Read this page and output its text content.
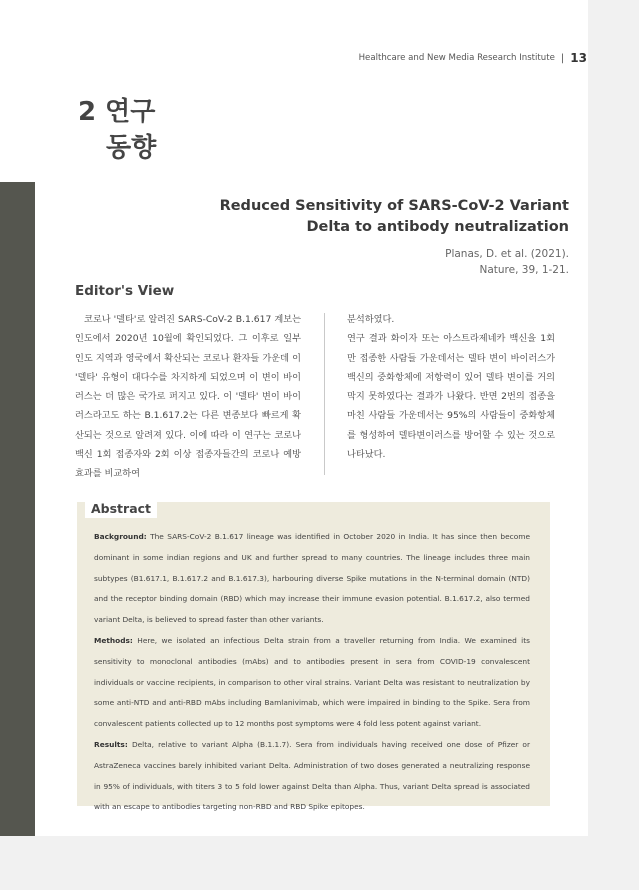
Healthcare and New Media Research Institute | 13
2 연구
동향
Reduced Sensitivity of SARS-CoV-2 Variant Delta to antibody neutralization
Planas, D. et al. (2021).
Nature, 39, 1-21.
Editor's View

코로나 '델타'로 알려진 SARS-CoV-2 B.1.617 계보는 인도에서 2020년 10월에 확인되었다. 그 이후로 일부 인도 지역과 영국에서 확산되는 코로나 환자들 가운데 이 '델타' 유형이 대다수를 차지하게 되었으며 이 변이 바이러스는 더 많은 국가로 퍼지고 있다. 이 '델타' 변이 바이러스라고도 하는 B.1.617.2는 다른 변종보다 빠르게 확산되는 것으로 알려져 있다. 이에 따라 이 연구는 코로나 백신 1회 접종자와 2회 이상 접종자들간의 코로나 예방 효과를 비교하여

분석하였다.

연구 결과 화이자 또는 아스트라제네카 백신을 1회만 접종한 사람들 가운데서는 델타 변이 바이러스가 백신의 중화항체에 저항력이 있어 델타 변이를 거의 막지 못하였다는 결과가 나왔다. 반면 2번의 접종을 마친 사람들 가운데서는 95%의 사람들이 중화항체를 형성하여 델타변이러스를 방어할 수 있는 것으로 나타났다.

Abstract

Background: The SARS-CoV-2 B.1.617 lineage was identified in October 2020 in India. It has since then become dominant in some indian regions and UK and further spread to many countries. The lineage includes three main subtypes (B1.617.1, B.1.617.2 and B.1.617.3), harbouring diverse Spike mutations in the N-terminal domain (NTD) and the receptor binding domain (RBD) which may increase their immune evasion potential. B.1.617.2, also termed variant Delta, is believed to spread faster than other variants.

Methods: Here, we isolated an infectious Delta strain from a traveller returning from India. We examined its sensitivity to monoclonal antibodies (mAbs) and to antibodies present in sera from COVID-19 convalescent individuals or vaccine recipients, in comparison to other viral strains. Variant Delta was resistant to neutralization by some anti-NTD and anti-RBD mAbs including Bamlanivimab, which were impaired in binding to the Spike. Sera from convalescent patients collected up to 12 months post symptoms were 4 fold less potent against variant.

Results: Delta, relative to variant Alpha (B.1.1.7). Sera from individuals having received one dose of Pfizer or AstraZeneca vaccines barely inhibited variant Delta. Administration of two doses generated a neutralizing response in 95% of individuals, with titers 3 to 5 fold lower against Delta than Alpha. Thus, variant Delta spread is associated with an escape to antibodies targeting non-RBD and RBD Spike epitopes.
